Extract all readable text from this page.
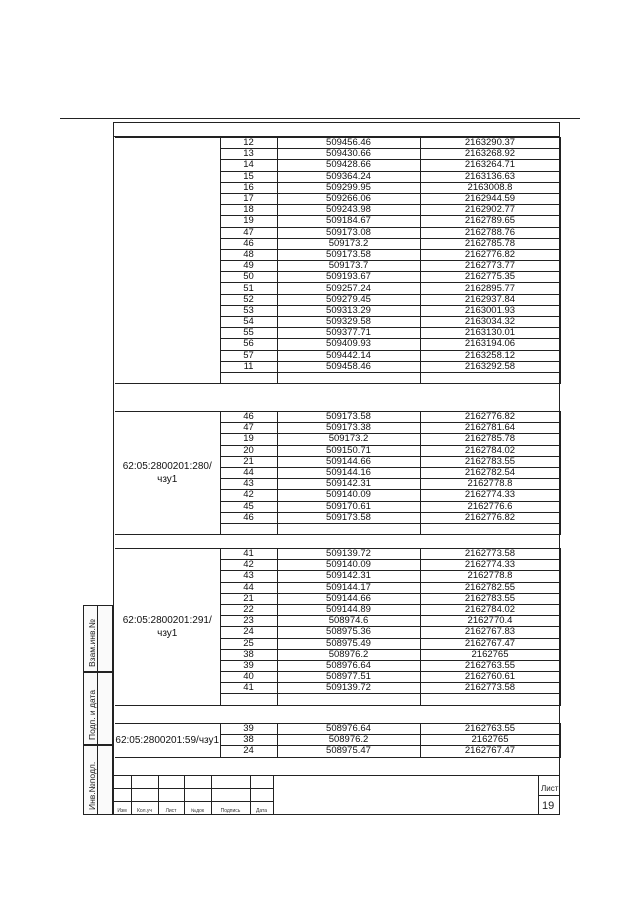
	12	509456.46	2163290.37
	13	509430.66	2163268.92
	14	509428.66	2163264.71
	15	509364.24	2163136.63
	16	509299.95	2163008.8
	17	509266.06	2162944.59
	18	509243.98	2162902.77
	19	509184.67	2162789.65
	47	509173.08	2162788.76
	46	509173.2	2162785.78
	48	509173.58	2162776.82
	49	509173.7	2162773.77
	50	509193.67	2162775.35
	51	509257.24	2162895.77
	52	509279.45	2162937.84
	53	509313.29	2163001.93
	54	509329.58	2163034.32
	55	509377.71	2163130.01
	56	509409.93	2163194.06
	57	509442.14	2163258.12
	11	509458.46	2163292.58

62:05:2800201:280/чзу1	46	509173.58	2162776.82
	47	509173.38	2162781.64
	19	509173.2	2162785.78
	20	509150.71	2162784.02
	21	509144.66	2162783.55
	44	509144.16	2162782.54
	43	509142.31	2162778.8
	42	509140.09	2162774.33
	45	509170.61	2162776.6
	46	509173.58	2162776.82

62:05:2800201:291/чзу1	41	509139.72	2162773.58
	42	509140.09	2162774.33
	43	509142.31	2162778.8
	44	509144.17	2162782.55
	21	509144.66	2162783.55
	22	509144.89	2162784.02
	23	508974.6	2162770.4
	24	508975.36	2162767.83
	25	508975.49	2162767.47
	38	508976.2	2162765
	39	508976.64	2162763.55
	40	508977.51	2162760.61
	41	509139.72	2162773.58

62:05:2800201:59/чзу1	39	508976.64	2162763.55
	38	508976.2	2162765
	24	508975.47	2162767.47
Взам.инв.№
Подп. и дата
Инв.№подл.
Изм	Кол.уч	Лист	№док	Подпись	Дата
Лист
19
